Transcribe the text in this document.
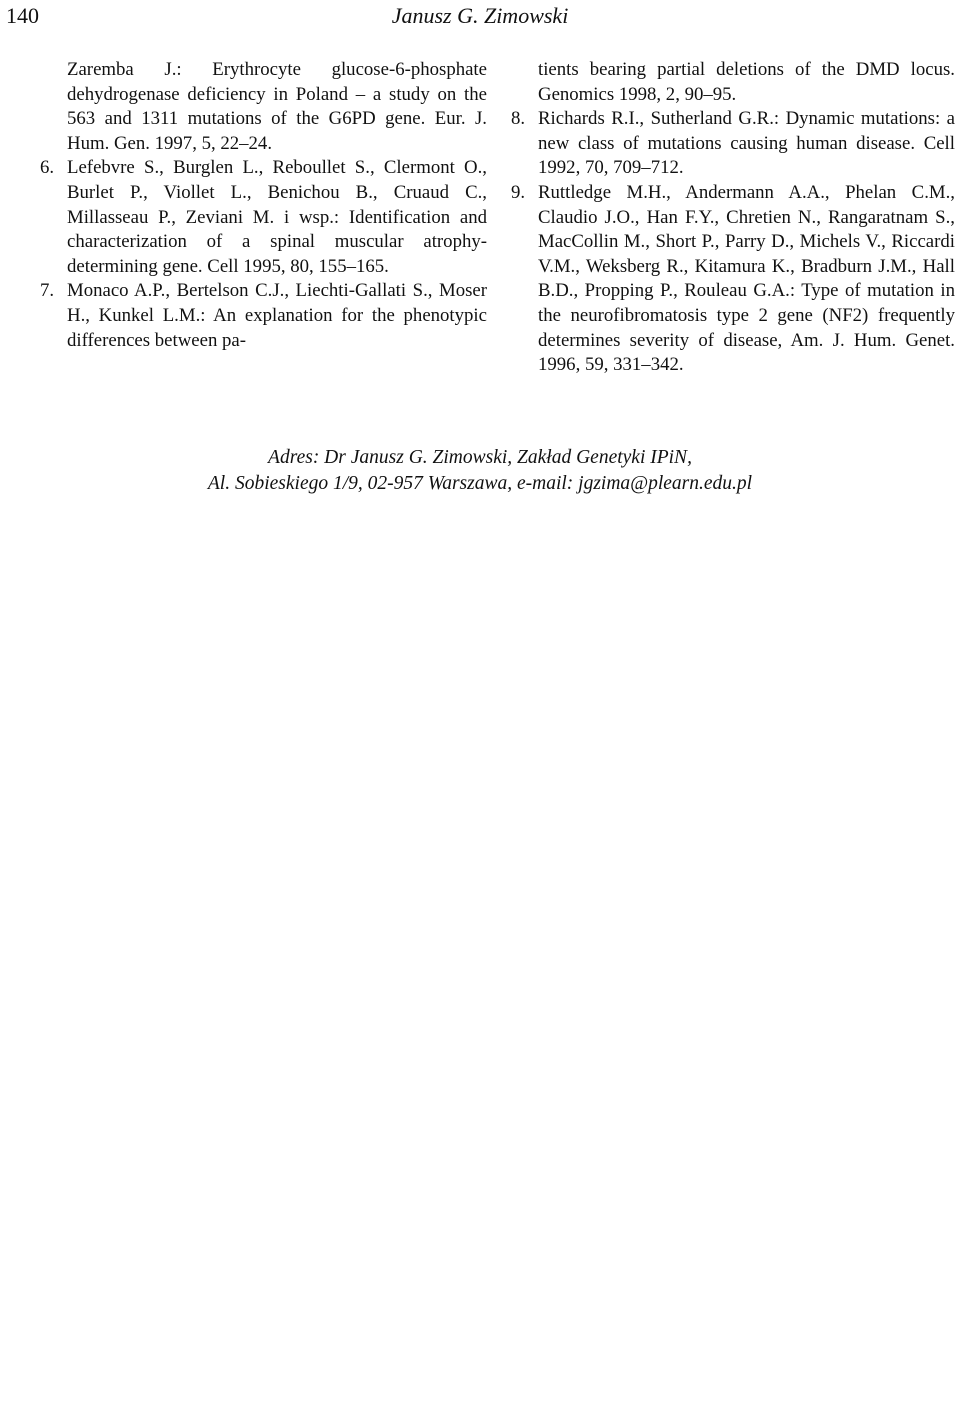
140	Janusz G. Zimowski
Zaremba J.: Erythrocyte glucose-6-phosphate dehydrogenase deficiency in Poland – a study on the 563 and 1311 mutations of the G6PD gene. Eur. J. Hum. Gen. 1997, 5, 22–24.
6. Lefebvre S., Burglen L., Reboullet S., Clermont O., Burlet P., Viollet L., Benichou B., Cruaud C., Millasseau P., Zeviani M. i wsp.: Identification and characterization of a spinal muscular atrophy-determining gene. Cell 1995, 80, 155–165.
7. Monaco A.P., Bertelson C.J., Liechti-Gallati S., Moser H., Kunkel L.M.: An explanation for the phenotypic differences between pa-
tients bearing partial deletions of the DMD locus. Genomics 1998, 2, 90–95.
8. Richards R.I., Sutherland G.R.: Dynamic mutations: a new class of mutations causing human disease. Cell 1992, 70, 709–712.
9. Ruttledge M.H., Andermann A.A., Phelan C.M., Claudio J.O., Han F.Y., Chretien N., Rangaratnam S., MacCollin M., Short P., Parry D., Michels V., Riccardi V.M., Weksberg R., Kitamura K., Bradburn J.M., Hall B.D., Propping P., Rouleau G.A.: Type of mutation in the neurofibromatosis type 2 gene (NF2) frequently determines severity of disease, Am. J. Hum. Genet. 1996, 59, 331–342.
Adres: Dr Janusz G. Zimowski, Zakład Genetyki IPiN,
Al. Sobieskiego 1/9, 02-957 Warszawa, e-mail: jgzima@plearn.edu.pl
